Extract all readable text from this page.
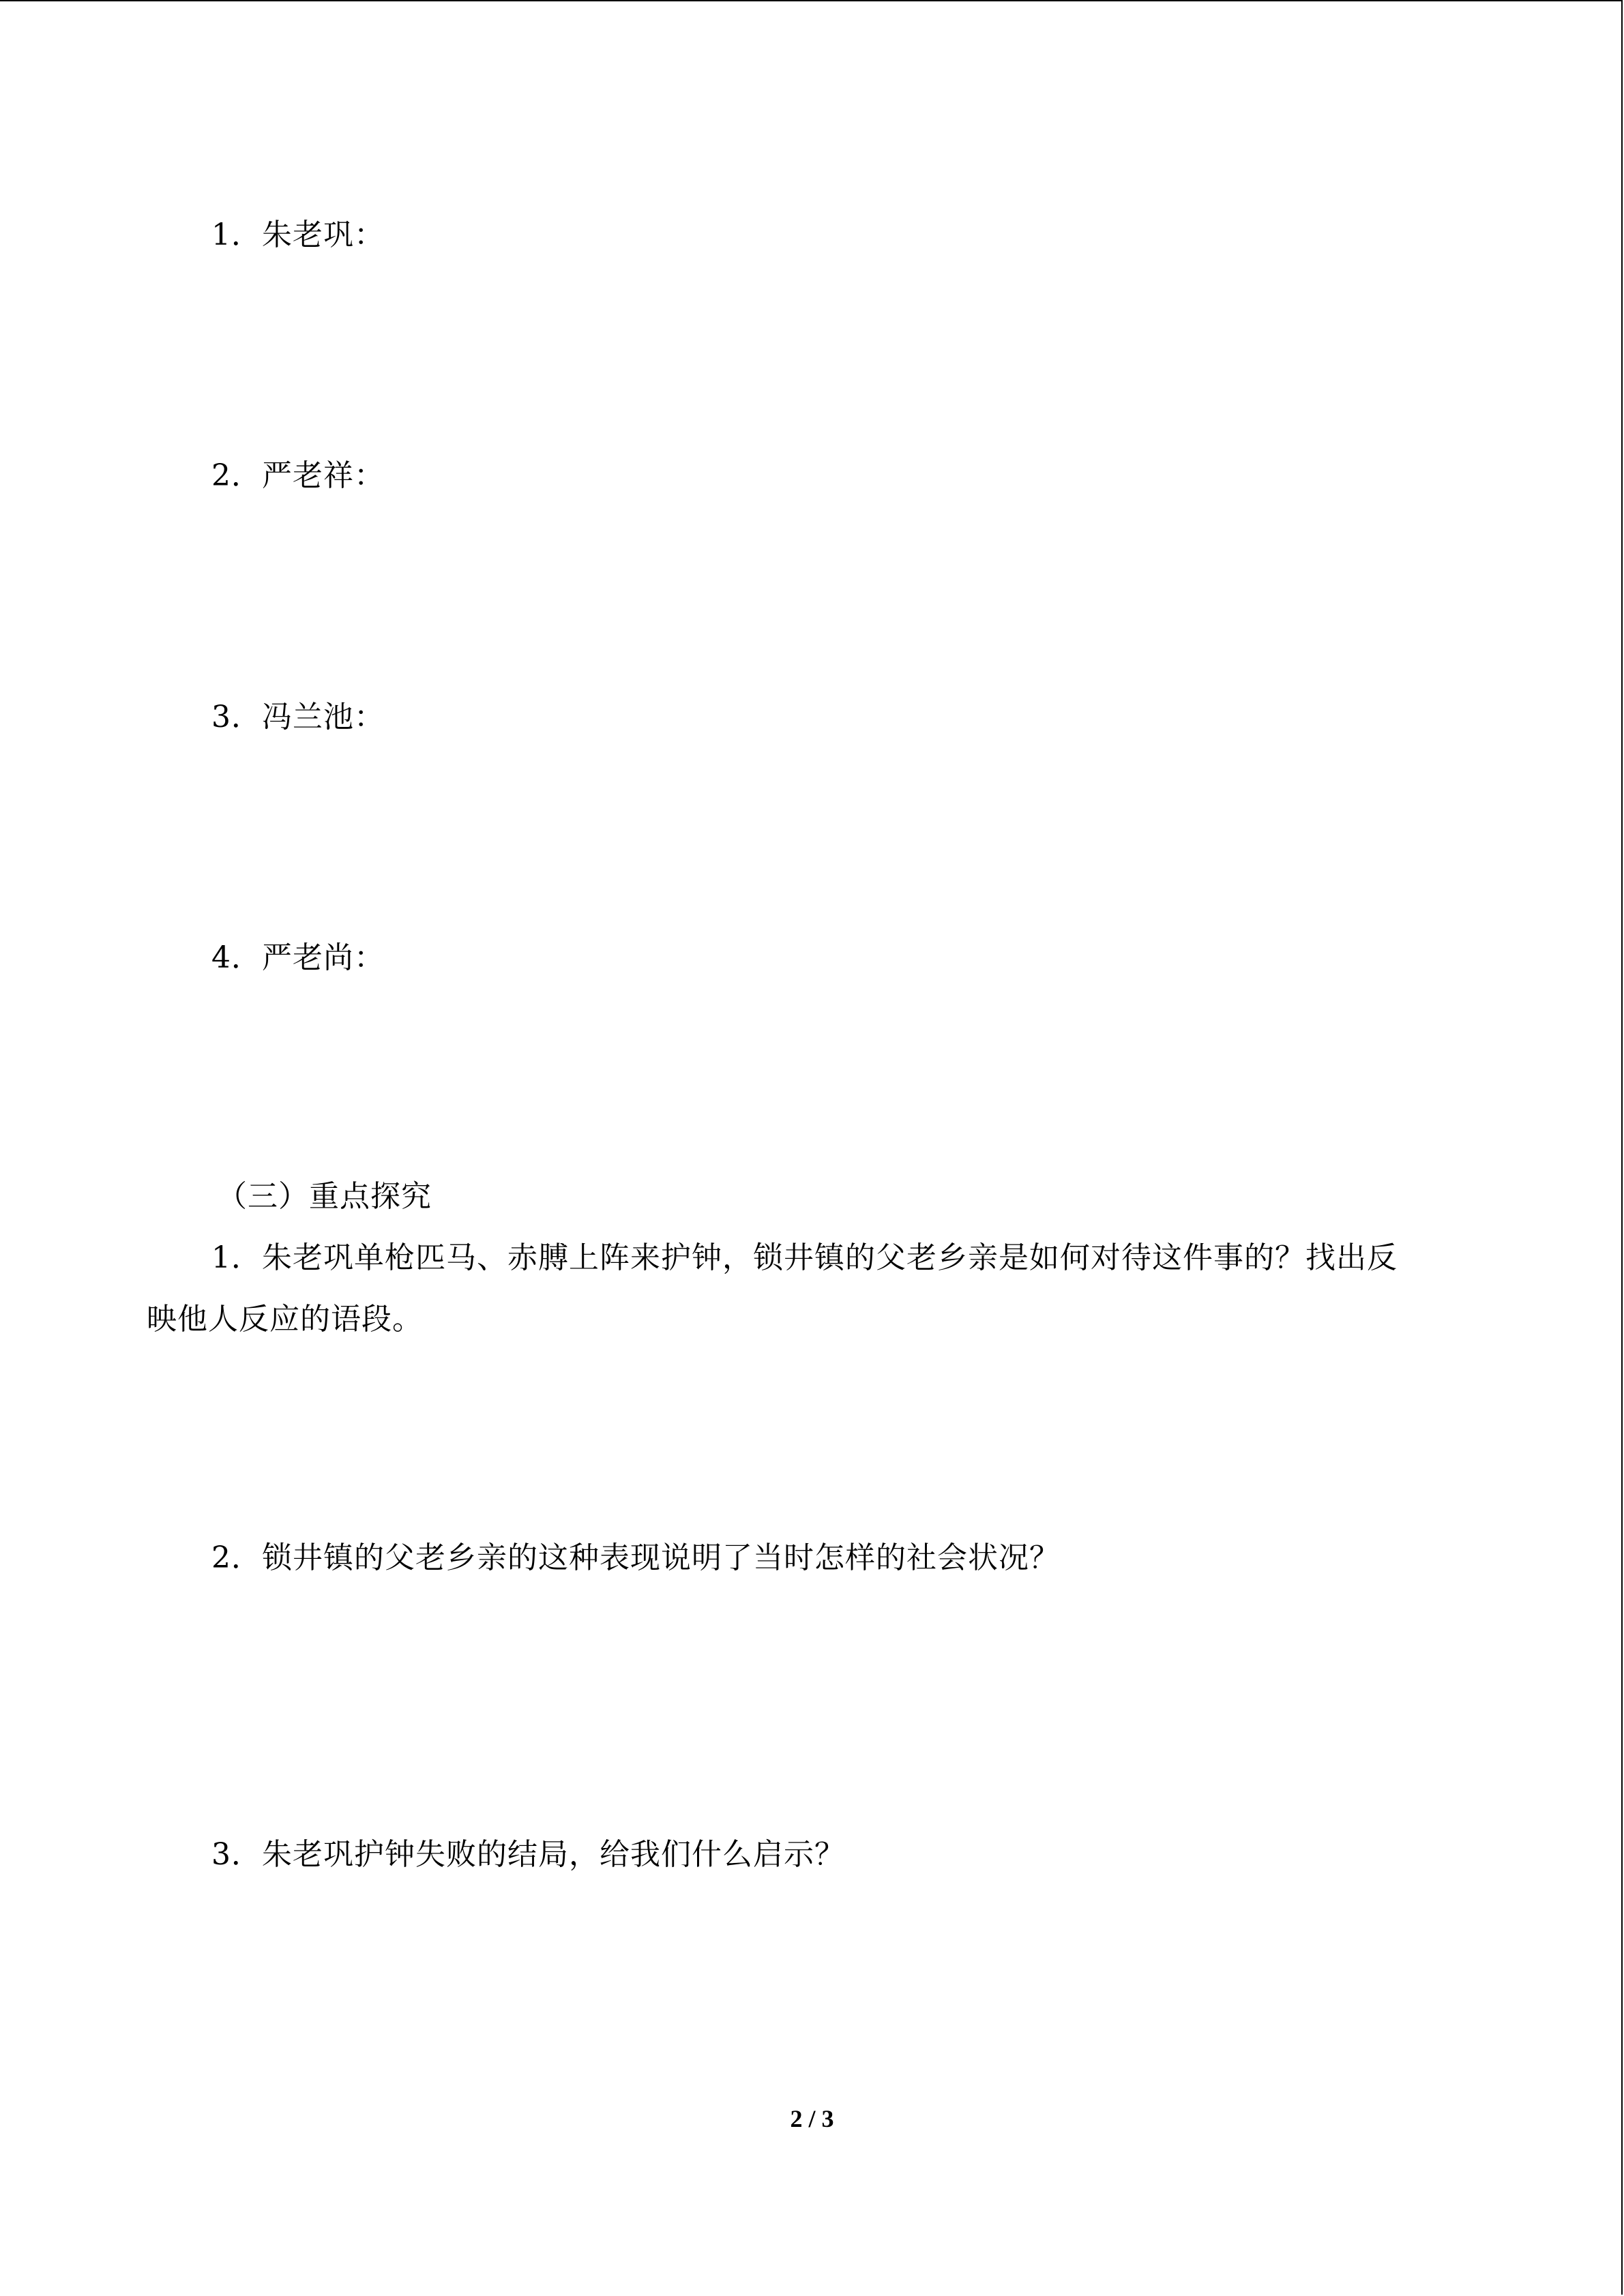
1．朱老巩：
2．严老祥：
3．冯兰池：
4．严老尚：
（三）重点探究
1．朱老巩单枪匹马、赤膊上阵来护钟，锁井镇的父老乡亲是如何对待这件事的？找出反
映他人反应的语段。
2．锁井镇的父老乡亲的这种表现说明了当时怎样的社会状况？
3．朱老巩护钟失败的结局，给我们什么启示？
2 / 3
